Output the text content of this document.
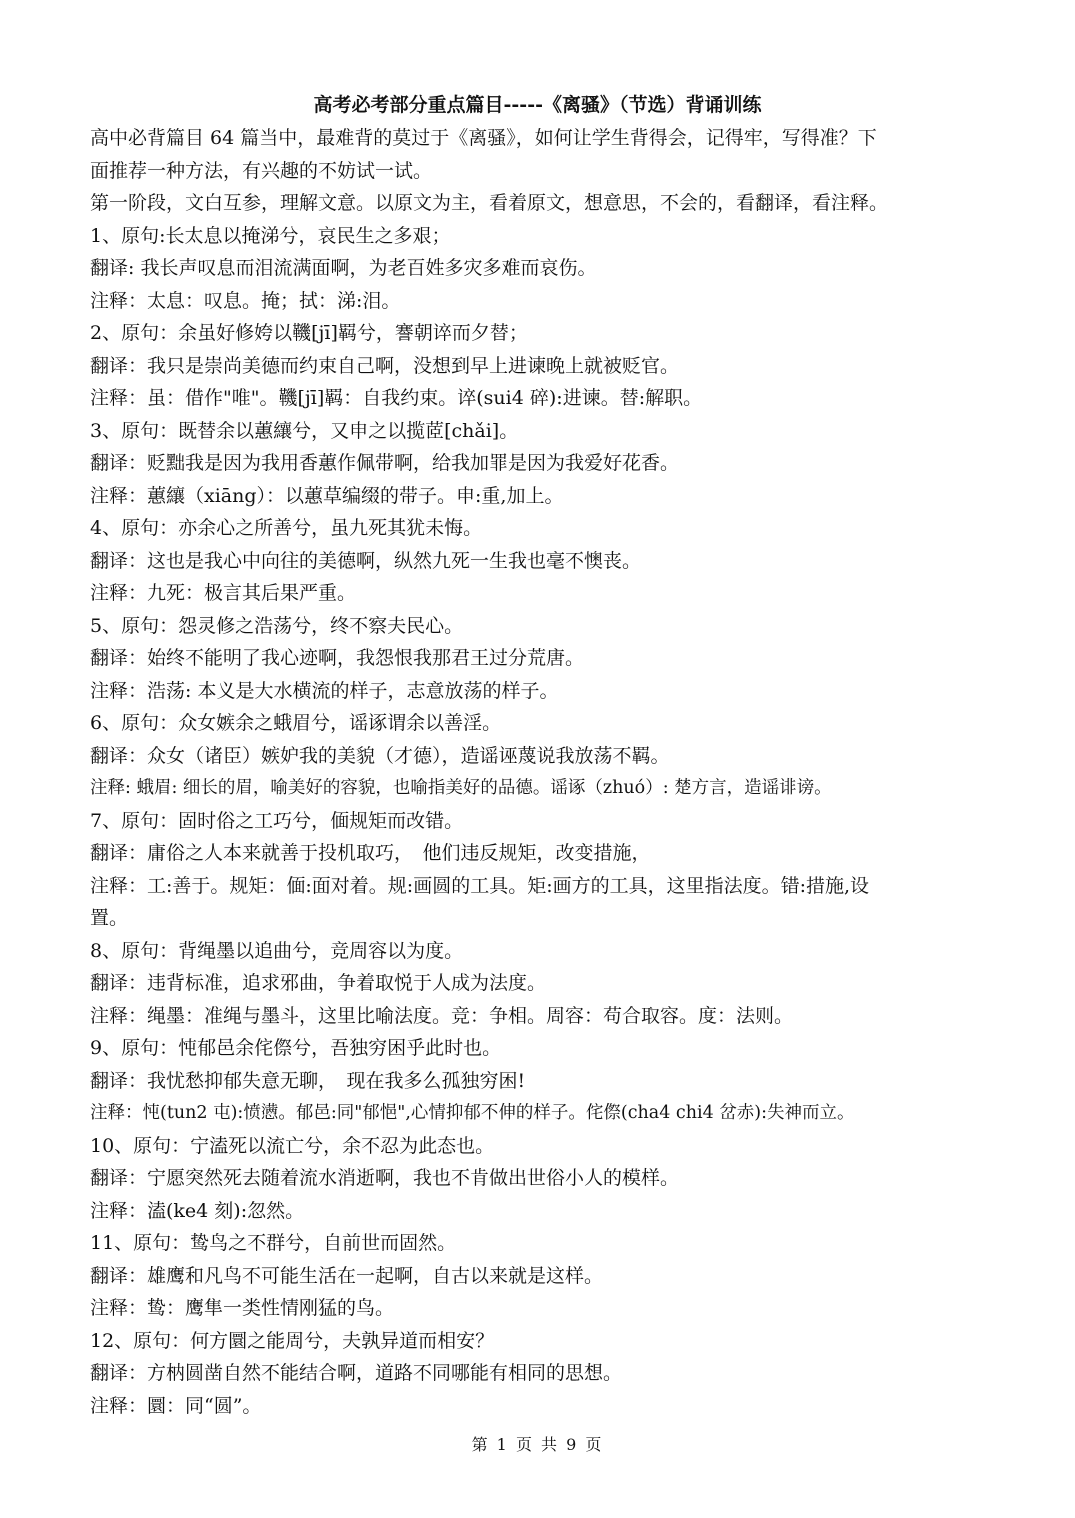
高考必考部分重点篇目-----《离骚》（节选）背诵训练
高中必背篇目 64 篇当中，最难背的莫过于《离骚》，如何让学生背得会，记得牢，写得准？下
面推荐一种方法，有兴趣的不妨试一试。
第一阶段，文白互参，理解文意。以原文为主，看着原文，想意思，不会的，看翻译，看注释。
1、原句:长太息以掩涕兮，哀民生之多艰；
翻译: 我长声叹息而泪流满面啊，为老百姓多灾多难而哀伤。
注释：太息：叹息。掩；拭：涕:泪。
2、原句：余虽好修姱以鞿[jī]羁兮，謇朝谇而夕替；
翻译：我只是崇尚美德而约束自己啊，没想到早上进谏晚上就被贬官。
注释：虽：借作"唯"。鞿[jī]羁：自我约束。谇(sui4 碎):进谏。替:解职。
3、原句：既替余以蕙纕兮，又申之以揽茝[chǎi]。
翻译：贬黜我是因为我用香蕙作佩带啊，给我加罪是因为我爱好花香。
注释：蕙纕（xiāng）：以蕙草编缀的带子。申:重,加上。
4、原句：亦余心之所善兮，虽九死其犹未悔。
翻译：这也是我心中向往的美德啊，纵然九死一生我也毫不懊丧。
注释：九死：极言其后果严重。
5、原句：怨灵修之浩荡兮，终不察夫民心。
翻译：始终不能明了我心迹啊，我怨恨我那君王过分荒唐。
注释：浩荡: 本义是大水横流的样子，志意放荡的样子。
6、原句：众女嫉余之蛾眉兮，谣诼谓余以善淫。
翻译：众女（诸臣）嫉妒我的美貌（才德），造谣诬蔑说我放荡不羁。
注释: 蛾眉: 细长的眉，喻美好的容貌，也喻指美好的品德。谣诼（zhuó）: 楚方言，造谣诽谤。
7、原句：固时俗之工巧兮，偭规矩而改错。
翻译：庸俗之人本来就善于投机取巧，　他们违反规矩，改变措施，
注释：工:善于。规矩：偭:面对着。规:画圆的工具。矩:画方的工具，这里指法度。错:措施,设
置。
8、原句：背绳墨以追曲兮，竞周容以为度。
翻译：违背标准，追求邪曲，争着取悦于人成为法度。
注释：绳墨：准绳与墨斗，这里比喻法度。竞：争相。周容：苟合取容。度：法则。
9、原句：忳郁邑余侘傺兮，吾独穷困乎此时也。
翻译：我忧愁抑郁失意无聊，　现在我多么孤独穷困!
注释：忳(tun2 屯):愤懑。郁邑:同"郁悒",心情抑郁不伸的样子。侘傺(cha4 chi4 岔赤):失神而立。
10、原句：宁溘死以流亡兮，余不忍为此态也。
翻译：宁愿突然死去随着流水消逝啊，我也不肯做出世俗小人的模样。
注释：溘(ke4 刻):忽然。
11、原句：鸷鸟之不群兮，自前世而固然。
翻译：雄鹰和凡鸟不可能生活在一起啊，自古以来就是这样。
注释：鸷：鹰隼一类性情刚猛的鸟。
12、原句：何方圜之能周兮，夫孰异道而相安？
翻译：方枘圆凿自然不能结合啊，道路不同哪能有相同的思想。
注释：圜：同“圆”。
第 1 页 共 9 页
